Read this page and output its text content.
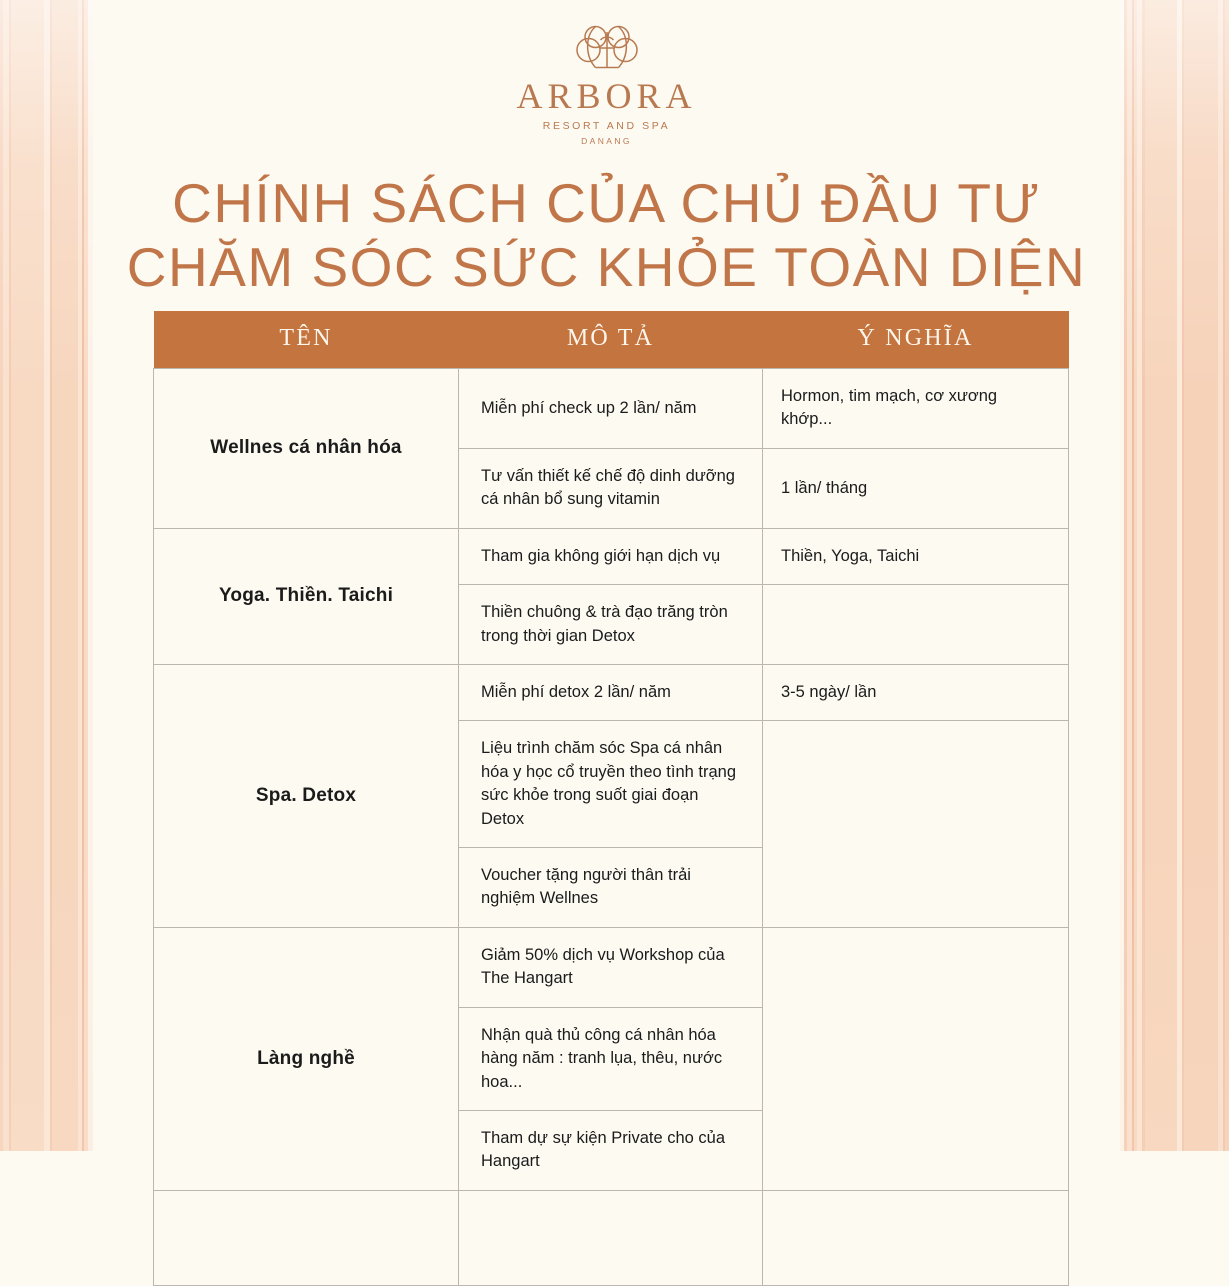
ARBORA
RESORT AND SPA
DANANG
CHÍNH SÁCH CỦA CHỦ ĐẦU TƯ
CHĂM SÓC SỨC KHỎE TOÀN DIỆN
TÊN	MÔ TẢ	Ý NGHĨA
Wellnes cá nhân hóa	Miễn phí check up 2 lần/ năm	Hormon, tim mạch, cơ xương khớp...
	Tư vấn thiết kế chế độ dinh dưỡng cá nhân bổ sung vitamin	1 lần/ tháng
Yoga. Thiền. Taichi	Tham gia không giới hạn dịch vụ	Thiền, Yoga, Taichi
	Thiền chuông & trà đạo trăng tròn trong thời gian Detox	
Spa. Detox	Miễn phí detox 2 lần/ năm	3-5 ngày/ lần
	Liệu trình chăm sóc Spa cá nhân hóa y học cổ truyền theo tình trạng sức khỏe trong suốt giai đoạn Detox	
	Voucher tặng người thân trải nghiệm Wellnes	
Làng nghề	Giảm 50% dịch vụ Workshop của The Hangart	
	Nhận quà thủ công cá nhân hóa hàng năm : tranh lụa, thêu, nước hoa...	
	Tham dự sự kiện Private cho của Hangart	
